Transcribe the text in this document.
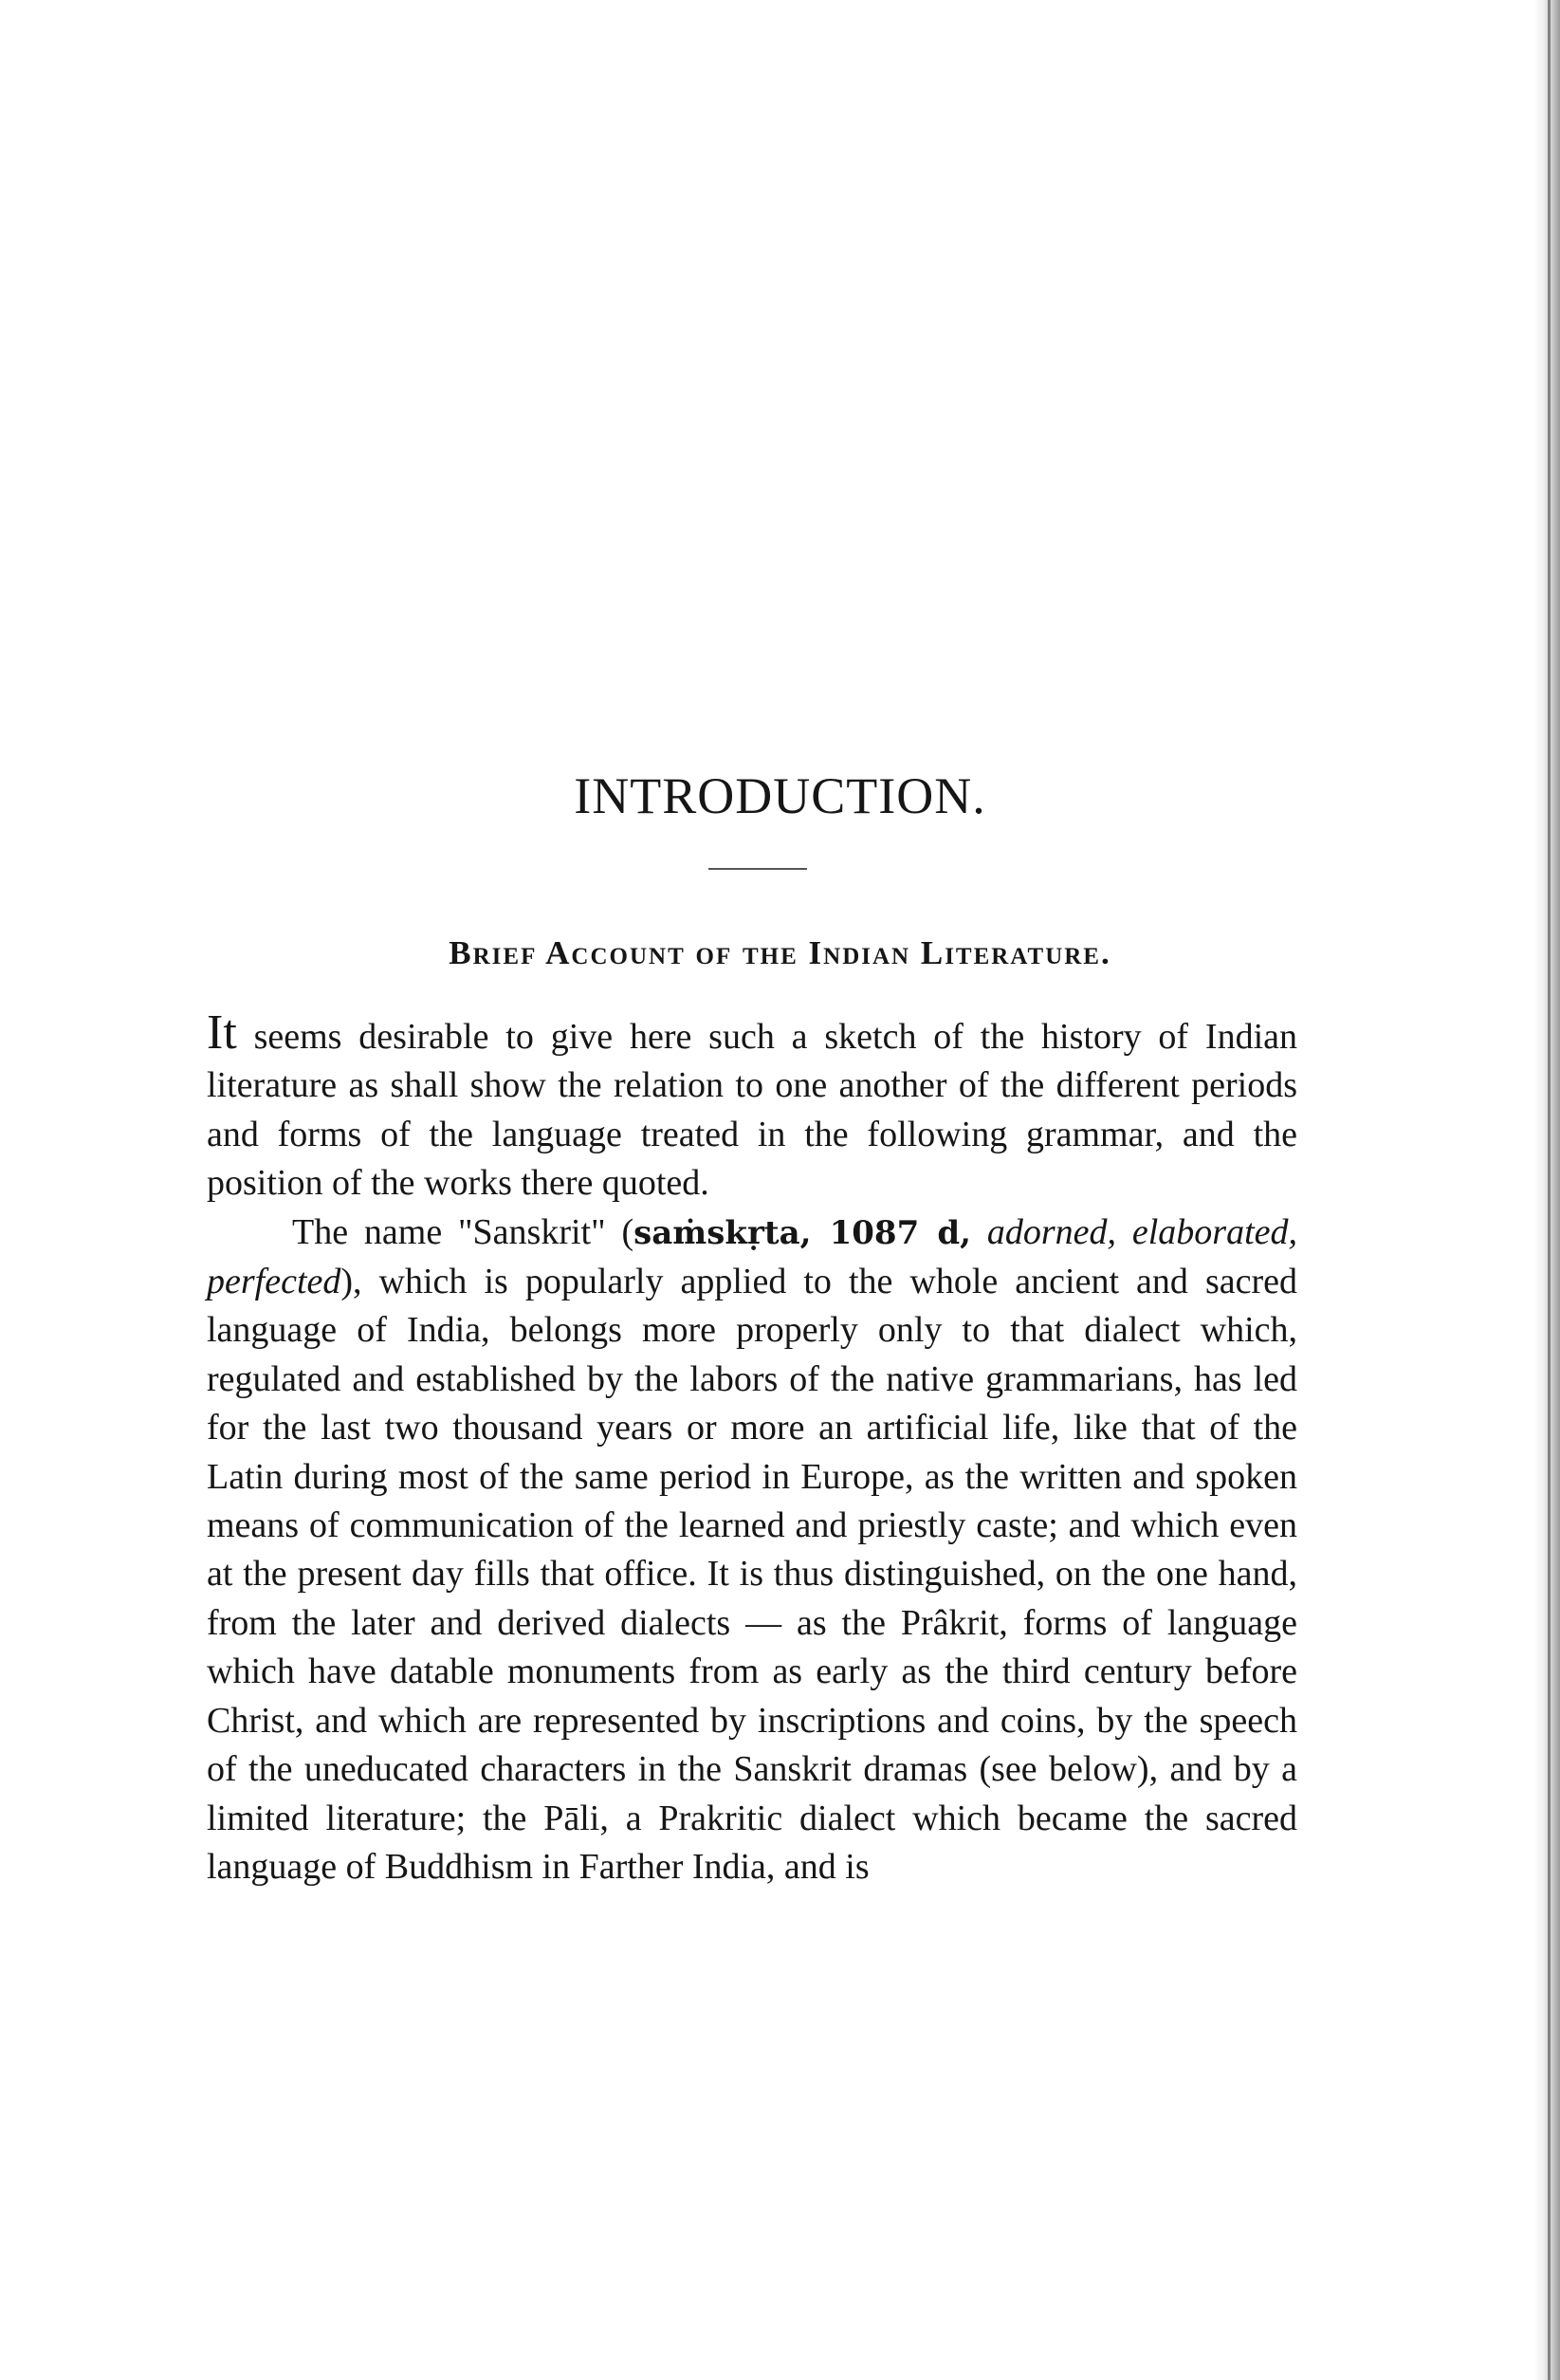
INTRODUCTION.
Brief Account of the Indian Literature.

It seems desirable to give here such a sketch of the history of Indian literature as shall show the relation to one another of the different periods and forms of the language treated in the following grammar, and the position of the works there quoted.

The name "Sanskrit" (saṁskṛta, 1087 d, adorned, elaborated, perfected), which is popularly applied to the whole ancient and sacred language of India, belongs more properly only to that dialect which, regulated and established by the labors of the native grammarians, has led for the last two thousand years or more an artificial life, like that of the Latin during most of the same period in Europe, as the written and spoken means of communication of the learned and priestly caste; and which even at the present day fills that office. It is thus distinguished, on the one hand, from the later and derived dialects — as the Prâkrit, forms of language which have datable monuments from as early as the third century before Christ, and which are represented by inscriptions and coins, by the speech of the uneducated characters in the Sanskrit dramas (see below), and by a limited literature; the Pāli, a Prakritic dialect which became the sacred language of Buddhism in Farther India, and is
